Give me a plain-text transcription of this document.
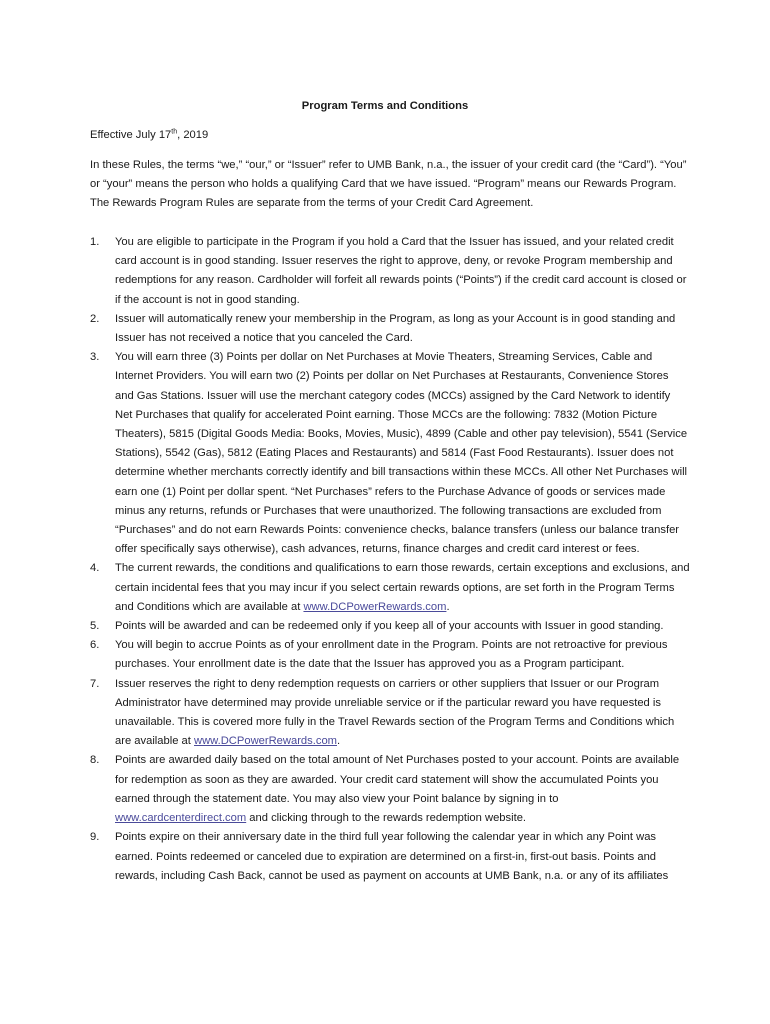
Program Terms and Conditions
Effective July 17th, 2019

In these Rules, the terms “we,” “our,” or “Issuer” refer to UMB Bank, n.a., the issuer of your credit card (the “Card”). “You” or “your” means the person who holds a qualifying Card that we have issued. “Program” means our Rewards Program. The Rewards Program Rules are separate from the terms of your Credit Card Agreement.

1. You are eligible to participate in the Program if you hold a Card that the Issuer has issued, and your related credit card account is in good standing. Issuer reserves the right to approve, deny, or revoke Program membership and redemptions for any reason. Cardholder will forfeit all rewards points (“Points”) if the credit card account is closed or if the account is not in good standing.
2. Issuer will automatically renew your membership in the Program, as long as your Account is in good standing and Issuer has not received a notice that you canceled the Card.
3. You will earn three (3) Points per dollar on Net Purchases at Movie Theaters, Streaming Services, Cable and Internet Providers. You will earn two (2) Points per dollar on Net Purchases at Restaurants, Convenience Stores and Gas Stations. Issuer will use the merchant category codes (MCCs) assigned by the Card Network to identify Net Purchases that qualify for accelerated Point earning. Those MCCs are the following: 7832 (Motion Picture Theaters), 5815 (Digital Goods Media: Books, Movies, Music), 4899 (Cable and other pay television), 5541 (Service Stations), 5542 (Gas), 5812 (Eating Places and Restaurants) and 5814 (Fast Food Restaurants). Issuer does not determine whether merchants correctly identify and bill transactions within these MCCs. All other Net Purchases will earn one (1) Point per dollar spent. “Net Purchases” refers to the Purchase Advance of goods or services made minus any returns, refunds or Purchases that were unauthorized. The following transactions are excluded from “Purchases” and do not earn Rewards Points: convenience checks, balance transfers (unless our balance transfer offer specifically says otherwise), cash advances, returns, finance charges and credit card interest or fees.
4. The current rewards, the conditions and qualifications to earn those rewards, certain exceptions and exclusions, and certain incidental fees that you may incur if you select certain rewards options, are set forth in the Program Terms and Conditions which are available at www.DCPowerRewards.com.
5. Points will be awarded and can be redeemed only if you keep all of your accounts with Issuer in good standing.
6. You will begin to accrue Points as of your enrollment date in the Program. Points are not retroactive for previous purchases. Your enrollment date is the date that the Issuer has approved you as a Program participant.
7. Issuer reserves the right to deny redemption requests on carriers or other suppliers that Issuer or our Program Administrator have determined may provide unreliable service or if the particular reward you have requested is unavailable. This is covered more fully in the Travel Rewards section of the Program Terms and Conditions which are available at www.DCPowerRewards.com.
8. Points are awarded daily based on the total amount of Net Purchases posted to your account. Points are available for redemption as soon as they are awarded. Your credit card statement will show the accumulated Points you earned through the statement date. You may also view your Point balance by signing in to www.cardcenterdirect.com and clicking through to the rewards redemption website.
9. Points expire on their anniversary date in the third full year following the calendar year in which any Point was earned. Points redeemed or canceled due to expiration are determined on a first-in, first-out basis. Points and rewards, including Cash Back, cannot be used as payment on accounts at UMB Bank, n.a. or any of its affiliates
